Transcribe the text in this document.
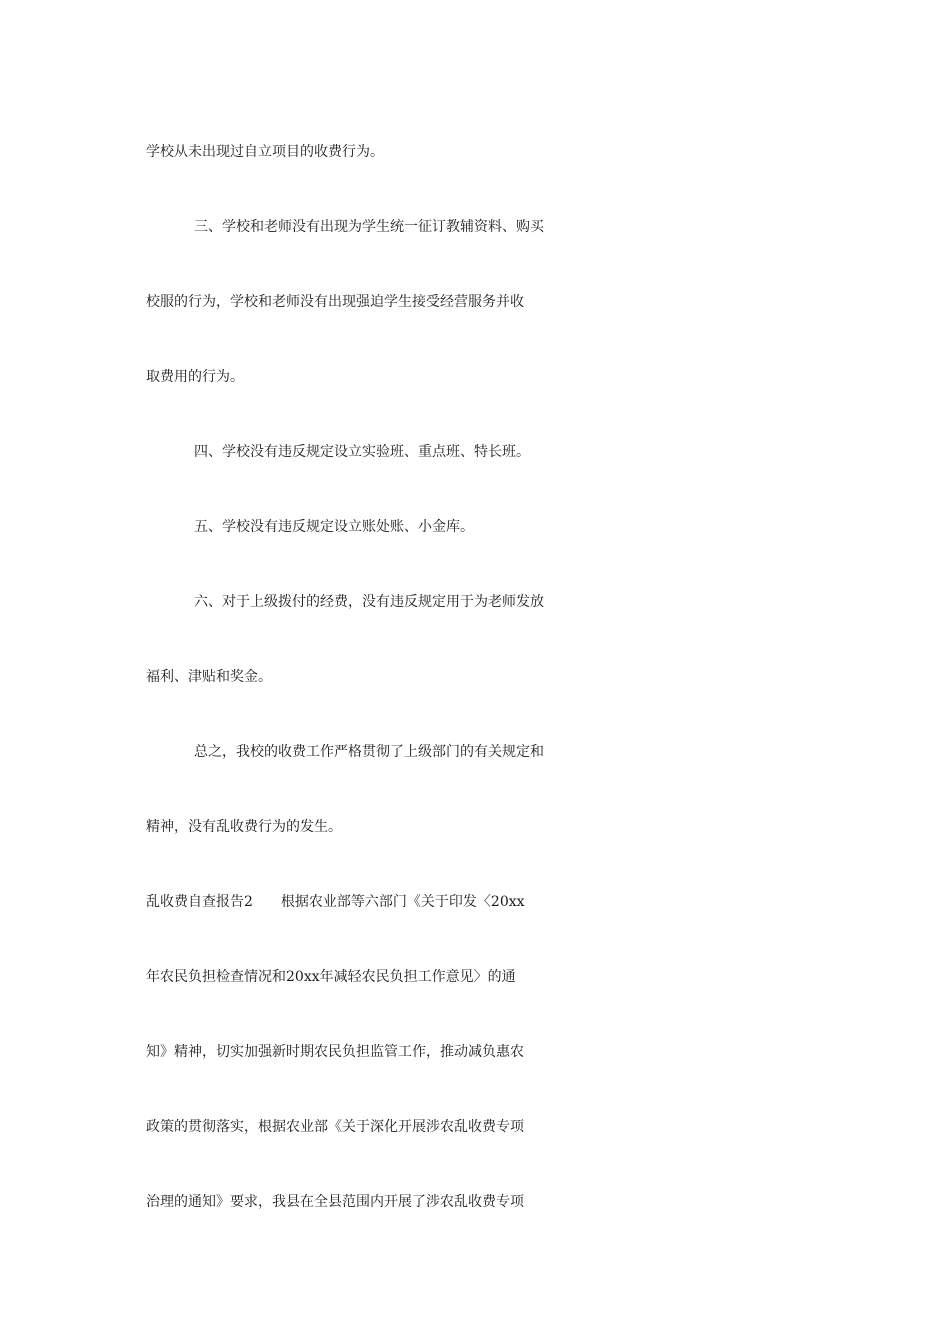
学校从未出现过自立项目的收费行为。
三、学校和老师没有出现为学生统一征订教辅资料、购买
校服的行为，学校和老师没有出现强迫学生接受经营服务并收
取费用的行为。
四、学校没有违反规定设立实验班、重点班、特长班。
五、学校没有违反规定设立账处账、小金库。
六、对于上级拨付的经费，没有违反规定用于为老师发放
福利、津贴和奖金。
总之，我校的收费工作严格贯彻了上级部门的有关规定和
精神，没有乱收费行为的发生。
乱收费自查报告2　　根据农业部等六部门《关于印发〈20xx
年农民负担检查情况和20xx年减轻农民负担工作意见〉的通
知》精神，切实加强新时期农民负担监管工作，推动减负惠农
政策的贯彻落实，根据农业部《关于深化开展涉农乱收费专项
治理的通知》要求，我县在全县范围内开展了涉农乱收费专项
